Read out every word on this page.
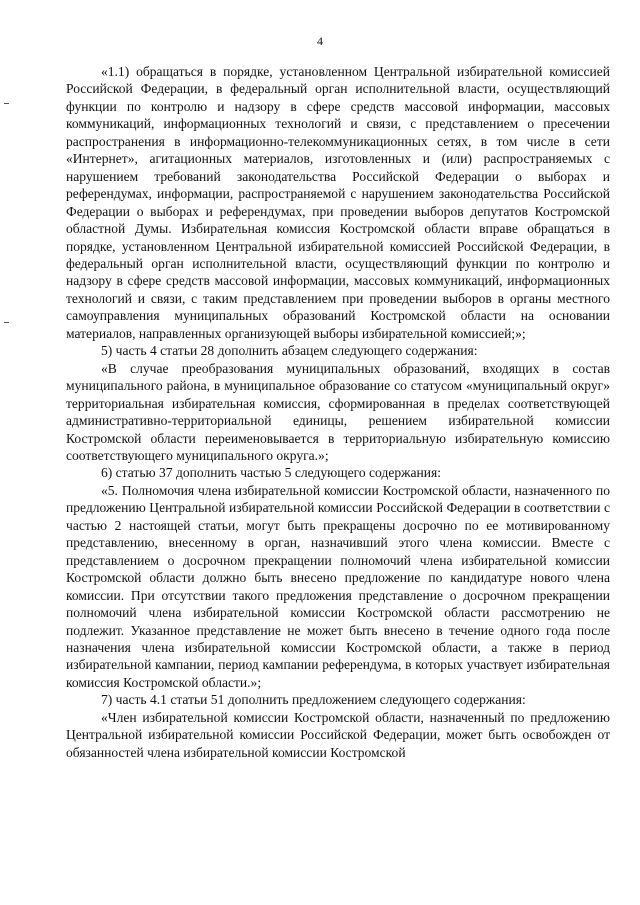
4

«1.1) обращаться в порядке, установленном Центральной избирательной комиссией Российской Федерации, в федеральный орган исполнительной власти, осуществляющий функции по контролю и надзору в сфере средств массовой информации, массовых коммуникаций, информационных технологий и связи, с представлением о пресечении распространения в информационно-телекоммуникационных сетях, в том числе в сети «Интернет», агитационных материалов, изготовленных и (или) распространяемых с нарушением требований законодательства Российской Федерации о выборах и референдумах, информации, распространяемой с нарушением законодательства Российской Федерации о выборах и референдумах, при проведении выборов депутатов Костромской областной Думы. Избирательная комиссия Костромской области вправе обращаться в порядке, установленном Центральной избирательной комиссией Российской Федерации, в федеральный орган исполнительной власти, осуществляющий функции по контролю и надзору в сфере средств массовой информации, массовых коммуникаций, информационных технологий и связи, с таким представлением при проведении выборов в органы местного самоуправления муниципальных образований Костромской области на основании материалов, направленных организующей выборы избирательной комиссией;»;

5) часть 4 статьи 28 дополнить абзацем следующего содержания:

«В случае преобразования муниципальных образований, входящих в состав муниципального района, в муниципальное образование со статусом «муниципальный округ» территориальная избирательная комиссия, сформированная в пределах соответствующей административно-территориальной единицы, решением избирательной комиссии Костромской области переименовывается в территориальную избирательную комиссию соответствующего муниципального округа.»;

6) статью 37 дополнить частью 5 следующего содержания:

«5. Полномочия члена избирательной комиссии Костромской области, назначенного по предложению Центральной избирательной комиссии Российской Федерации в соответствии с частью 2 настоящей статьи, могут быть прекращены досрочно по ее мотивированному представлению, внесенному в орган, назначивший этого члена комиссии. Вместе с представлением о досрочном прекращении полномочий члена избирательной комиссии Костромской области должно быть внесено предложение по кандидатуре нового члена комиссии. При отсутствии такого предложения представление о досрочном прекращении полномочий члена избирательной комиссии Костромской области рассмотрению не подлежит. Указанное представление не может быть внесено в течение одного года после назначения члена избирательной комиссии Костромской области, а также в период избирательной кампании, период кампании референдума, в которых участвует избирательная комиссия Костромской области.»;

7) часть 4.1 статьи 51 дополнить предложением следующего содержания:

«Член избирательной комиссии Костромской области, назначенный по предложению Центральной избирательной комиссии Российской Федерации, может быть освобожден от обязанностей члена избирательной комиссии Костромской
